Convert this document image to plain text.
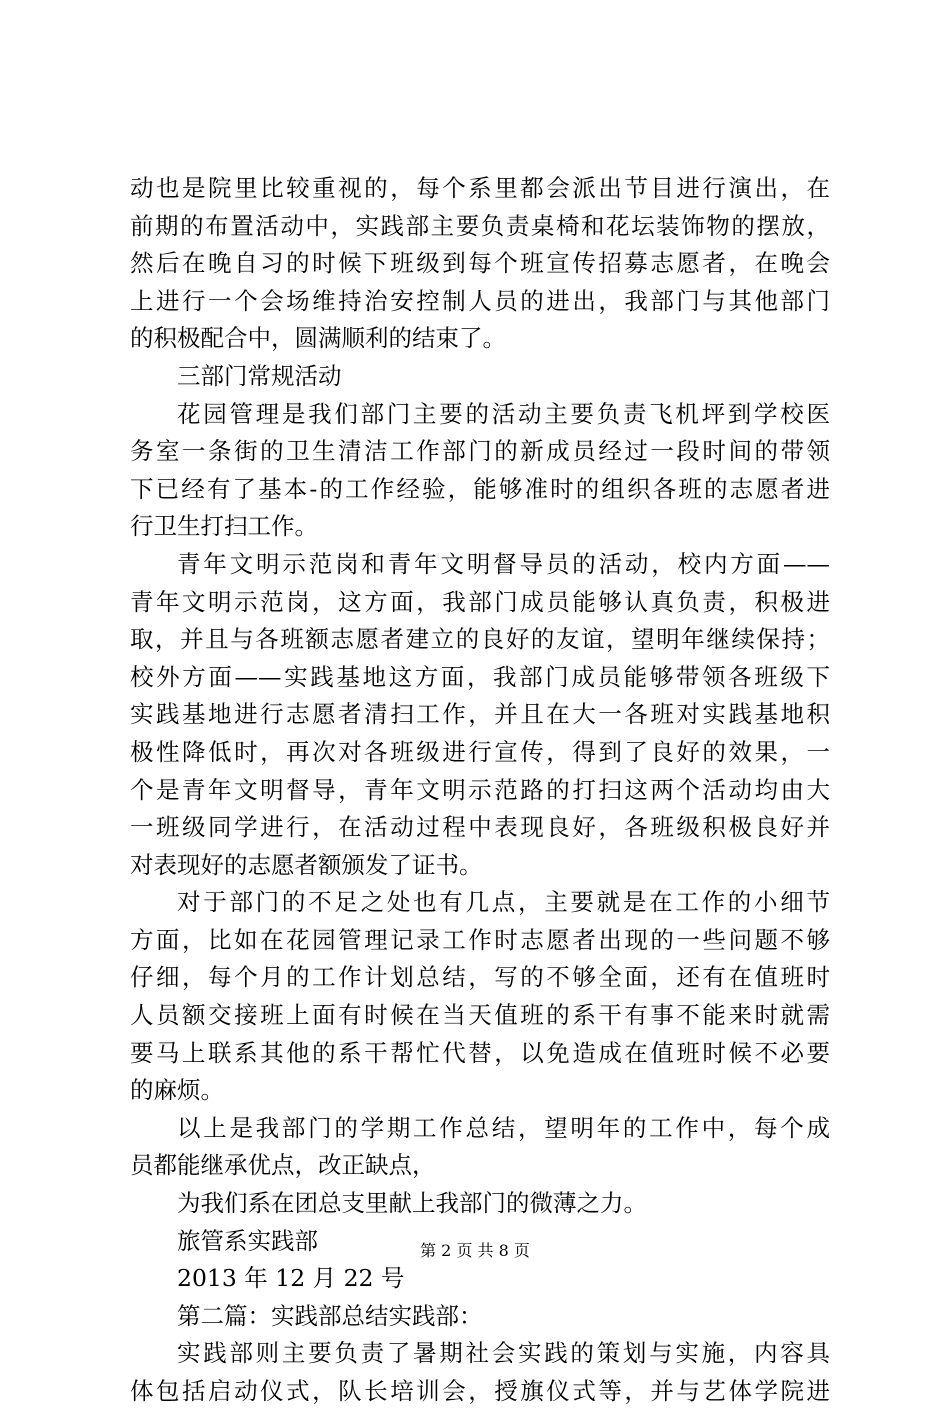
动也是院里比较重视的，每个系里都会派出节目进行演出，在
前期的布置活动中，实践部主要负责桌椅和花坛装饰物的摆放，
然后在晚自习的时候下班级到每个班宣传招募志愿者，在晚会
上进行一个会场维持治安控制人员的进出，我部门与其他部门
的积极配合中，圆满顺利的结束了。
三部门常规活动
花园管理是我们部门主要的活动主要负责飞机坪到学校医
务室一条街的卫生清洁工作部门的新成员经过一段时间的带领
下已经有了基本-的工作经验，能够准时的组织各班的志愿者进
行卫生打扫工作。
青年文明示范岗和青年文明督导员的活动，校内方面——
青年文明示范岗，这方面，我部门成员能够认真负责，积极进
取，并且与各班额志愿者建立的良好的友谊，望明年继续保持；
校外方面——实践基地这方面，我部门成员能够带领各班级下
实践基地进行志愿者清扫工作，并且在大一各班对实践基地积
极性降低时，再次对各班级进行宣传，得到了良好的效果，一
个是青年文明督导，青年文明示范路的打扫这两个活动均由大
一班级同学进行，在活动过程中表现良好，各班级积极良好并
对表现好的志愿者额颁发了证书。
对于部门的不足之处也有几点，主要就是在工作的小细节
方面，比如在花园管理记录工作时志愿者出现的一些问题不够
仔细，每个月的工作计划总结，写的不够全面，还有在值班时
人员额交接班上面有时候在当天值班的系干有事不能来时就需
要马上联系其他的系干帮忙代替，以免造成在值班时候不必要
的麻烦。
以上是我部门的学期工作总结，望明年的工作中，每个成
员都能继承优点，改正缺点，
为我们系在团总支里献上我部门的微薄之力。
旅管系实践部
2013 年 12 月 22 号
第二篇：实践部总结实践部：
实践部则主要负责了暑期社会实践的策划与实施，内容具
体包括启动仪式，队长培训会，授旗仪式等，并与艺体学院进
第 2 页 共 8 页
